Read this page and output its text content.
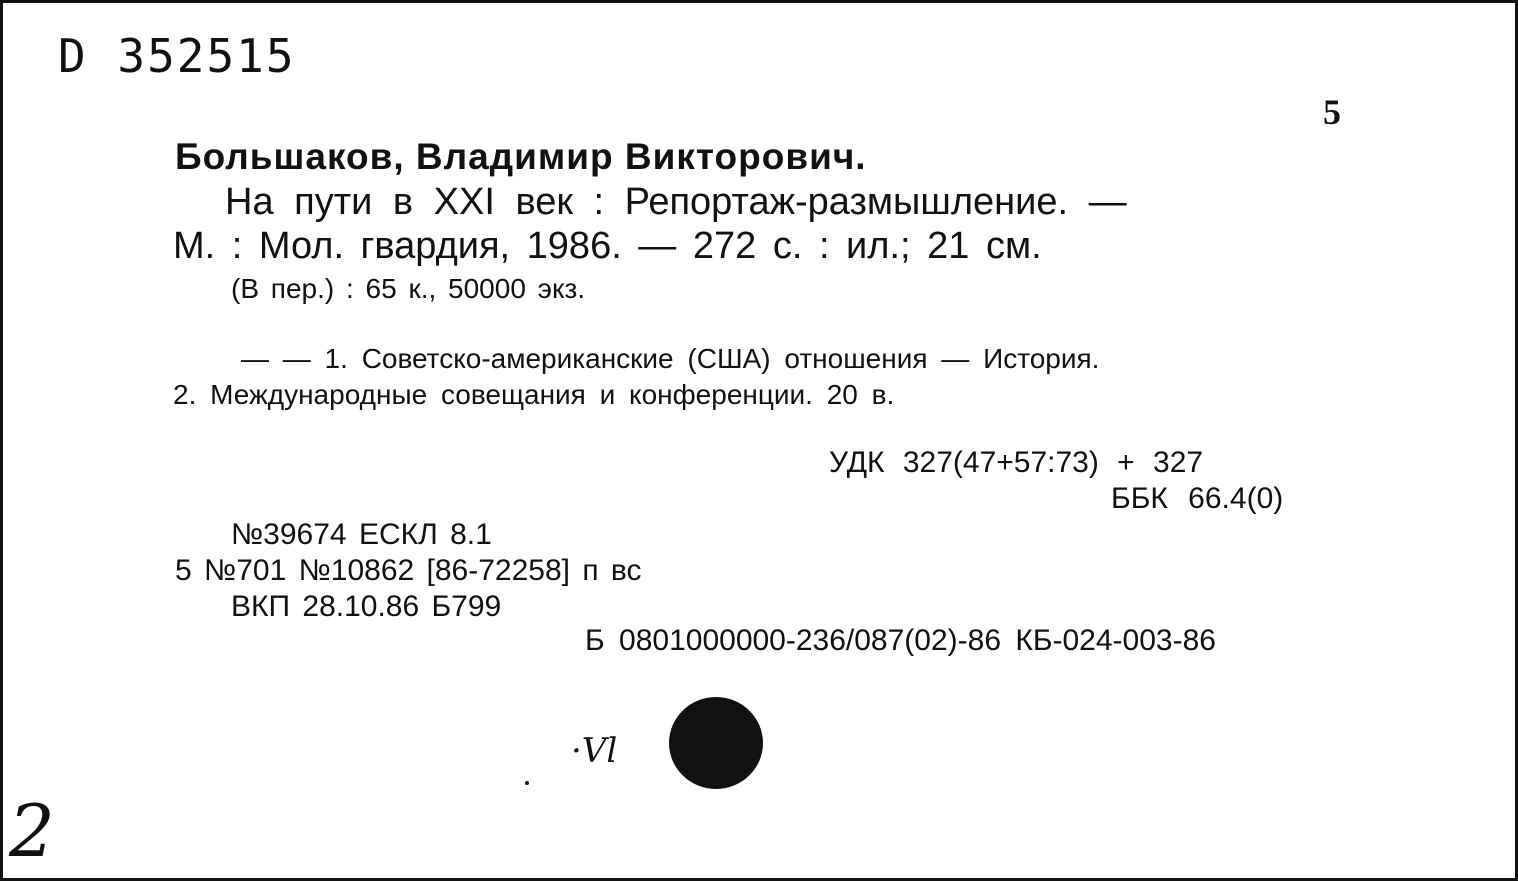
D 352515
5
Большаков, Владимир Викторович.
На пути в XXI век : Репортаж-размышление. —
М. : Мол. гвардия, 1986. — 272 с. : ил.; 21 см.
(В пер.) : 65 к., 50000 экз.
— — 1. Советско-американские (США) отношения — История.
2. Международные совещания и конференции. 20 в.
УДК 327(47+57:73) + 327
ББК 66.4(0)
№39674 ЕСКЛ 8.1
5 №701 №10862 [86-72258] п вс
ВКП 28.10.86 Б799
Б 0801000000-236/087(02)-86 КБ-024-003-86
·Vl
2
